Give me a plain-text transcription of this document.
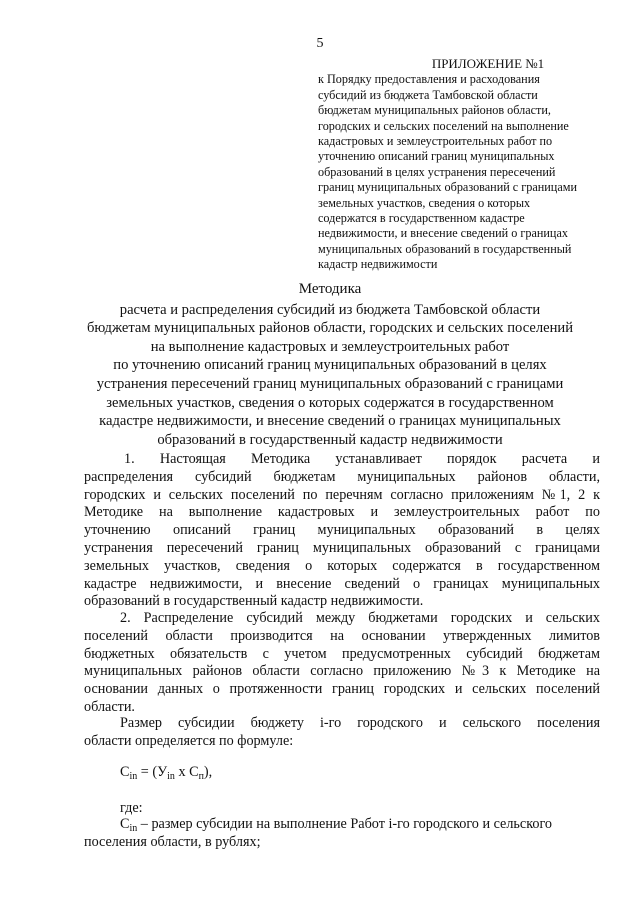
5
ПРИЛОЖЕНИЕ №1
к Порядку предоставления и расходования
субсидий из бюджета Тамбовской области
бюджетам муниципальных районов области,
городских и сельских поселений на выполнение
кадастровых и землеустроительных работ по
уточнению описаний границ муниципальных
образований в целях устранения пересечений
границ муниципальных образований с границами
земельных участков, сведения о которых
содержатся в государственном кадастре
недвижимости, и внесение сведений о границах
муниципальных образований в государственный
кадастр недвижимости
Методика
расчета и распределения субсидий из бюджета Тамбовской области
бюджетам муниципальных районов области, городских и сельских поселений
на выполнение кадастровых и землеустроительных работ
по уточнению описаний границ муниципальных образований в целях
устранения пересечений границ муниципальных образований с границами
земельных участков, сведения о которых содержатся в государственном
кадастре недвижимости, и внесение сведений о границах муниципальных
образований в государственный кадастр недвижимости
1. Настоящая Методика устанавливает порядок расчета и
распределения субсидий бюджетам муниципальных районов области,
городских и сельских поселений по перечням согласно приложениям №1, 2 к
Методике на выполнение кадастровых и землеустроительных работ по
уточнению описаний границ муниципальных образований в целях
устранения пересечений границ муниципальных образований с границами
земельных участков, сведения о которых содержатся в государственном
кадастре недвижимости, и внесение сведений о границах муниципальных
образований в государственный кадастр недвижимости.
2. Распределение субсидий между бюджетами городских и сельских
поселений области производится на основании утвержденных лимитов
бюджетных обязательств с учетом предусмотренных субсидий бюджетам
муниципальных районов области согласно приложению №3 к Методике на
основании данных о протяженности границ городских и сельских поселений
области.
Размер субсидии бюджету i-го городского и сельского поселения
области определяется по формуле:
$C_{in} = (У_{in}$ x $C_п$),
где:
$C_{in}$ – размер субсидии на выполнение Работ i-го городского и сельского
поселения области, в рублях;
